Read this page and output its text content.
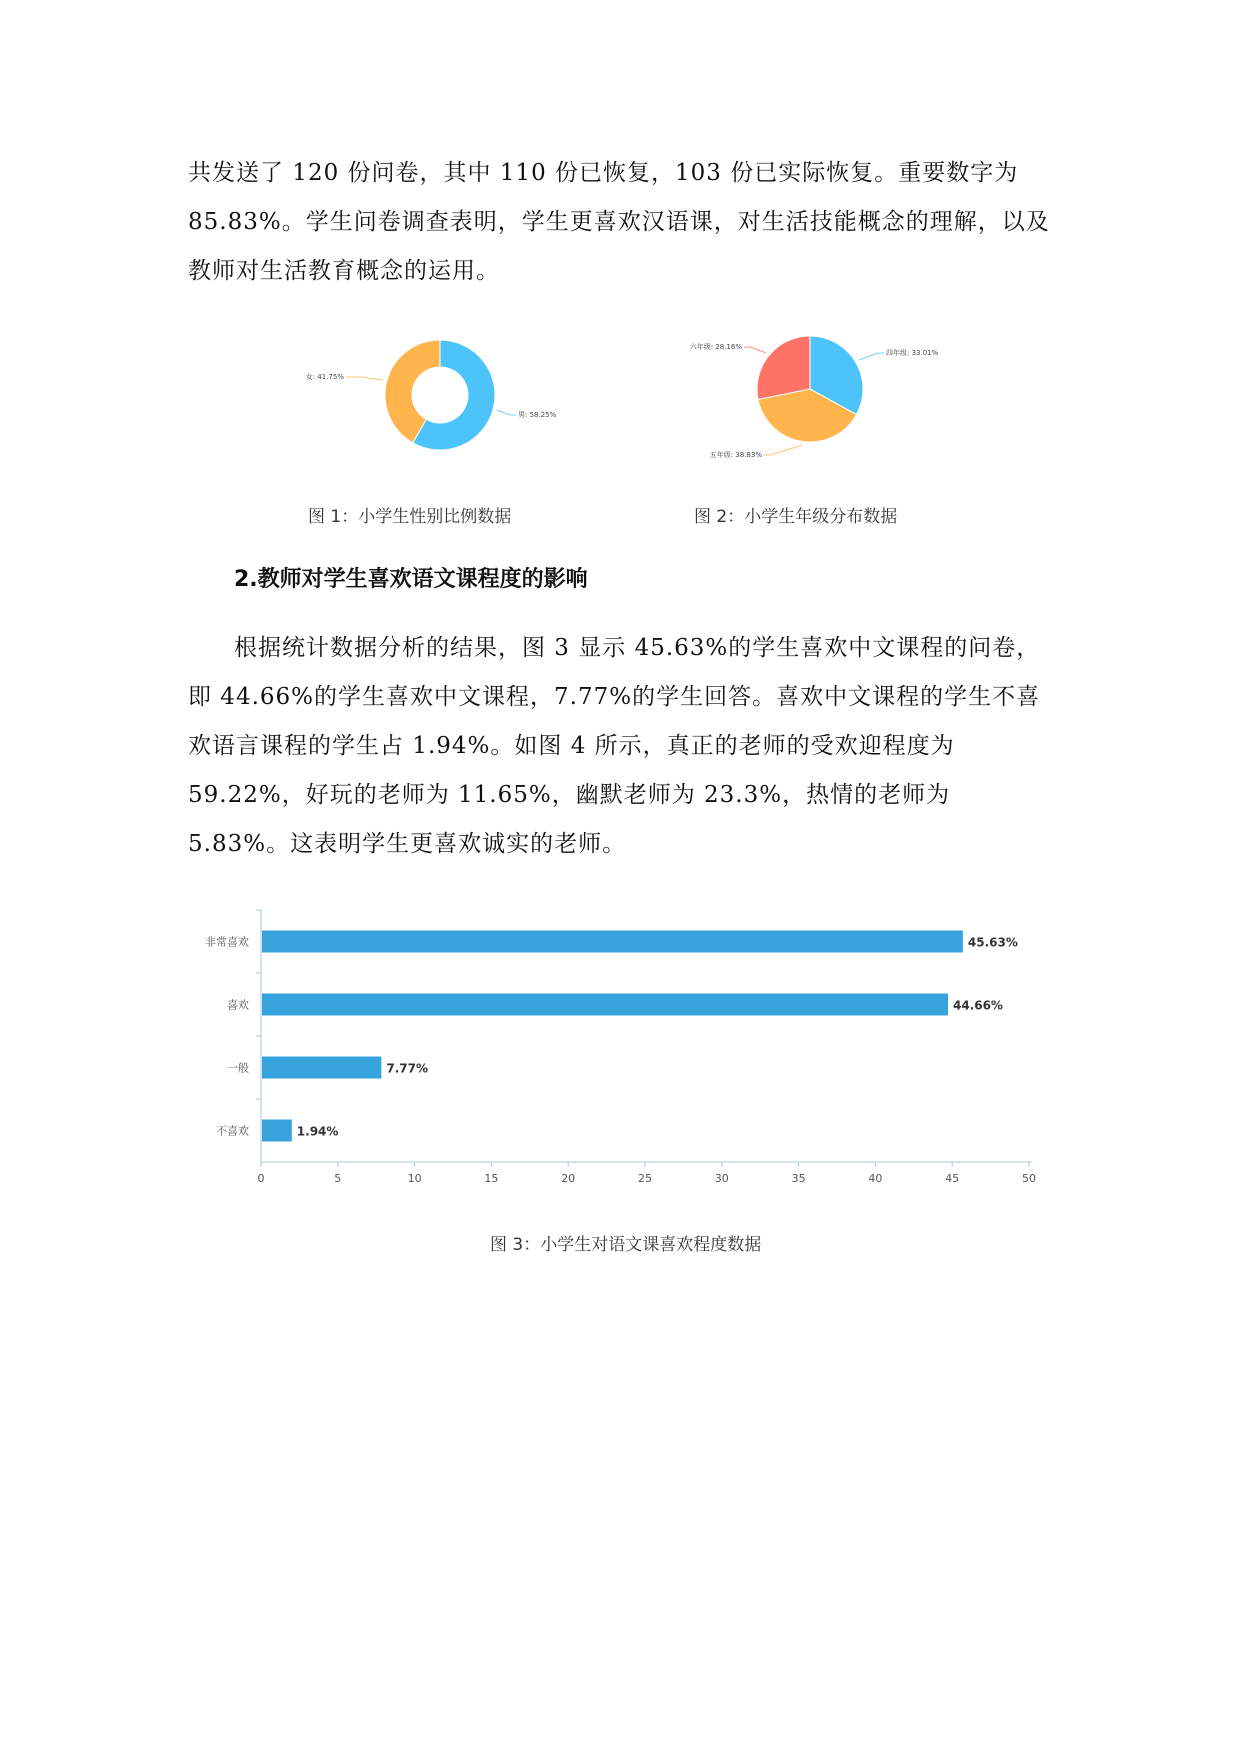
共发送了 120 份问卷，其中 110 份已恢复，103 份已实际恢复。重要数字为 85.83%。学生问卷调查表明，学生更喜欢汉语课，对生活技能概念的理解，以及教师对生活教育概念的运用。

男: 58.25%
女: 41.75%
四年级: 33.01%
五年级: 38.83%
六年级: 28.16%

图 1：小学生性别比例数据	图 2：小学生年级分布数据

2.教师对学生喜欢语文课程度的影响

根据统计数据分析的结果，图 3 显示 45.63%的学生喜欢中文课程的问卷，即 44.66%的学生喜欢中文课程，7.77%的学生回答。喜欢中文课程的学生不喜欢语言课程的学生占 1.94%。如图 4 所示，真正的老师的受欢迎程度为 59.22%，好玩的老师为 11.65%，幽默老师为 23.3%，热情的老师为 5.83%。这表明学生更喜欢诚实的老师。

非常喜欢	45.63%
喜欢	44.66%
一般	7.77%
不喜欢	1.94%
0	5	10	15	20	25	30	35	40	45	50

图 3：小学生对语文课喜欢程度数据
